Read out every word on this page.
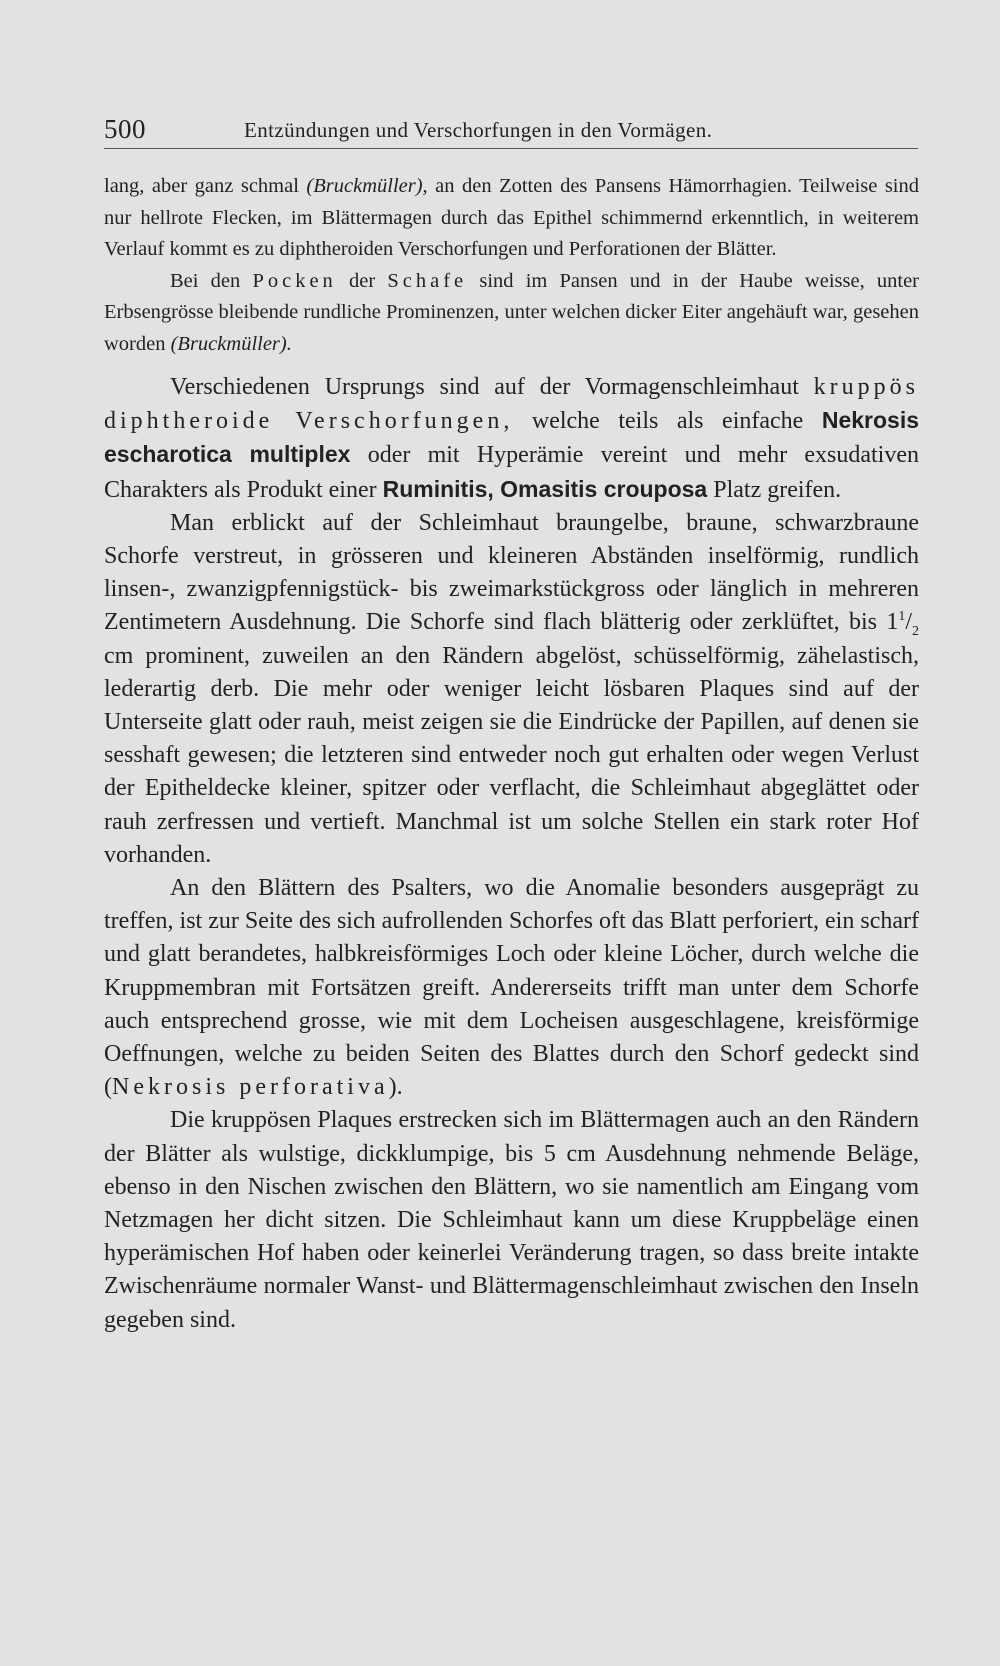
500	Entzündungen und Verschorfungen in den Vormägen.

lang, aber ganz schmal (Bruckmüller), an den Zotten des Pansens Hämorrhagien. Teilweise sind nur hellrote Flecken, im Blättermagen durch das Epithel schimmernd erkenntlich, in weiterem Verlauf kommt es zu diphtheroiden Verschorfungen und Perforationen der Blätter.

Bei den Pocken der Schafe sind im Pansen und in der Haube weisse, unter Erbsengrösse bleibende rundliche Prominenzen, unter welchen dicker Eiter angehäuft war, gesehen worden (Bruckmüller).

Verschiedenen Ursprungs sind auf der Vormagenschleimhaut kruppös diphtheroide Verschorfungen, welche teils als einfache Nekrosis escharotica multiplex oder mit Hyperämie vereint und mehr exsudativen Charakters als Produkt einer Ruminitis, Omasitis crouposa Platz greifen.

Man erblickt auf der Schleimhaut braungelbe, braune, schwarzbraune Schorfe verstreut, in grösseren und kleineren Abständen inselförmig, rundlich linsen-, zwanzigpfennigstück- bis zweimarkstückgross oder länglich in mehreren Zentimetern Ausdehnung. Die Schorfe sind flach blätterig oder zerklüftet, bis $1^1/_2$ cm prominent, zuweilen an den Rändern abgelöst, schüsselförmig, zähelastisch, lederartig derb. Die mehr oder weniger leicht lösbaren Plaques sind auf der Unterseite glatt oder rauh, meist zeigen sie die Eindrücke der Papillen, auf denen sie sesshaft gewesen; die letzteren sind entweder noch gut erhalten oder wegen Verlust der Epitheldecke kleiner, spitzer oder verflacht, die Schleimhaut abgeglättet oder rauh zerfressen und vertieft. Manchmal ist um solche Stellen ein stark roter Hof vorhanden.

An den Blättern des Psalters, wo die Anomalie besonders ausgeprägt zu treffen, ist zur Seite des sich aufrollenden Schorfes oft das Blatt perforiert, ein scharf und glatt berandetes, halbkreisförmiges Loch oder kleine Löcher, durch welche die Kruppmembran mit Fortsätzen greift. Andererseits trifft man unter dem Schorfe auch entsprechend grosse, wie mit dem Locheisen ausgeschlagene, kreisförmige Oeffnungen, welche zu beiden Seiten des Blattes durch den Schorf gedeckt sind (Nekrosis perforativa).

Die kruppösen Plaques erstrecken sich im Blättermagen auch an den Rändern der Blätter als wulstige, dickklumpige, bis 5 cm Ausdehnung nehmende Beläge, ebenso in den Nischen zwischen den Blättern, wo sie namentlich am Eingang vom Netzmagen her dicht sitzen. Die Schleimhaut kann um diese Kruppbeläge einen hyperämischen Hof haben oder keinerlei Veränderung tragen, so dass breite intakte Zwischenräume normaler Wanst- und Blättermagenschleimhaut zwischen den Inseln gegeben sind.
